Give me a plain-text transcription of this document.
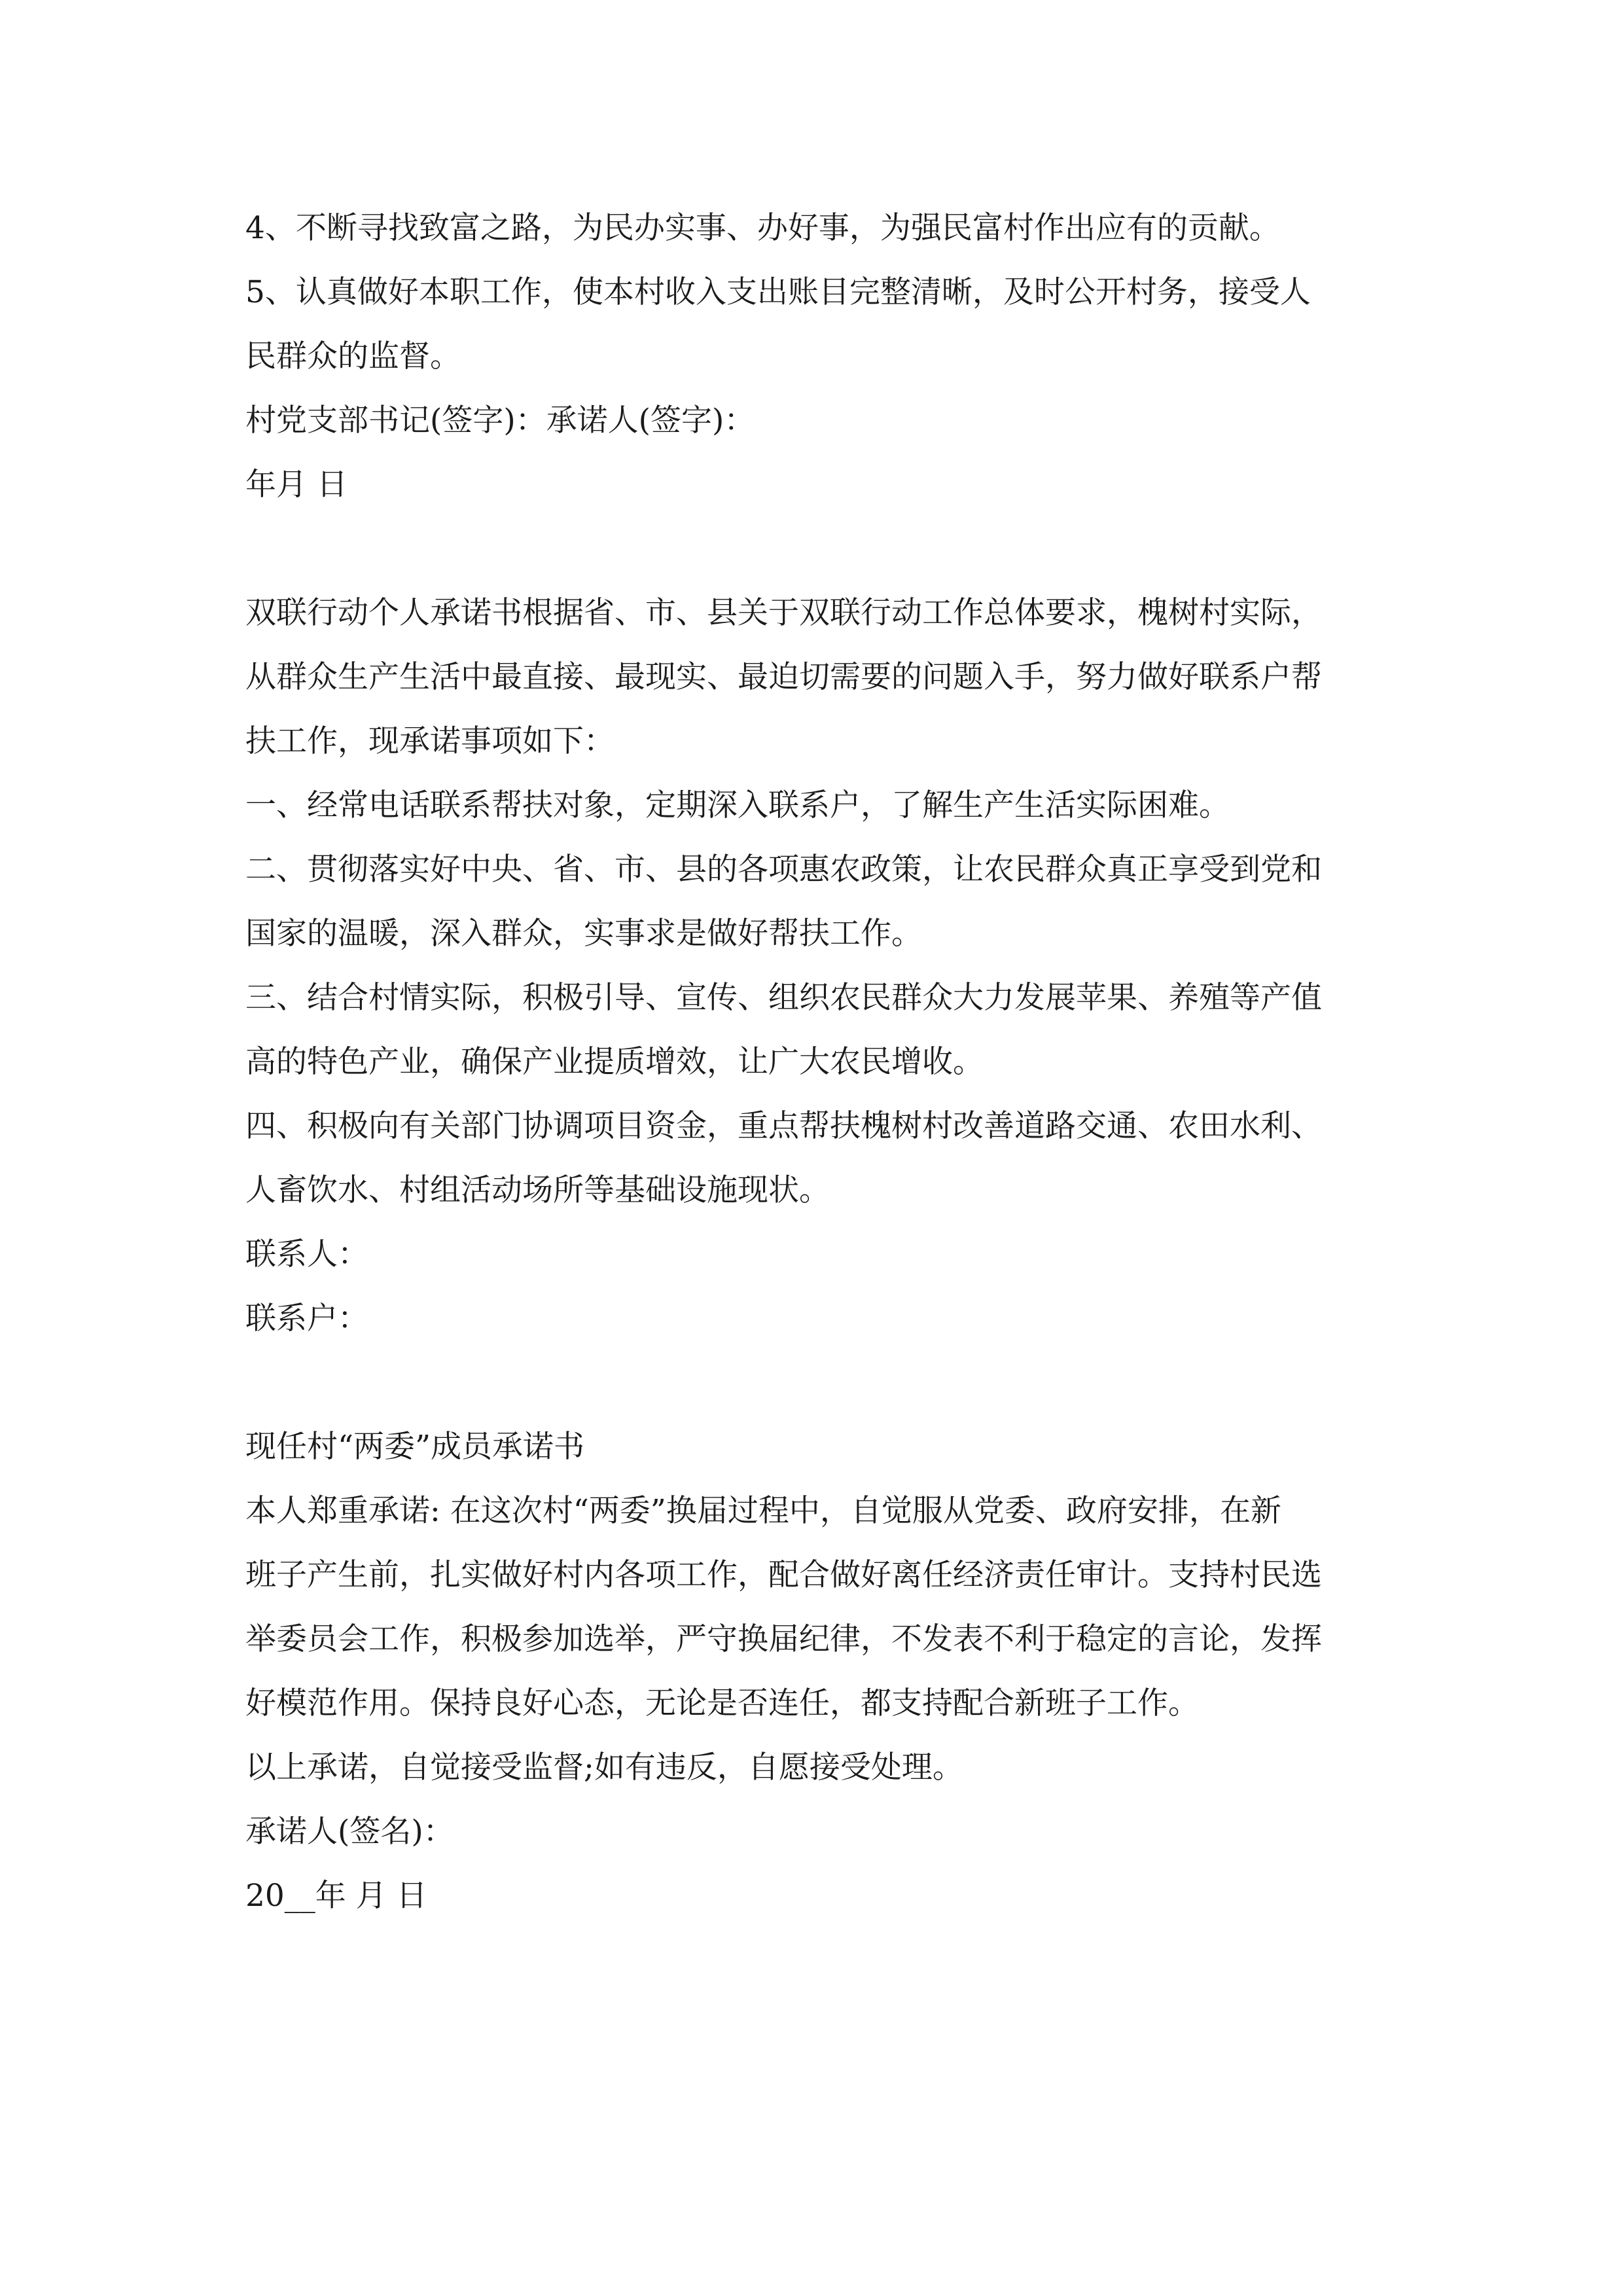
4、不断寻找致富之路，为民办实事、办好事，为强民富村作出应有的贡献。
5、认真做好本职工作，使本村收入支出账目完整清晰，及时公开村务，接受人
民群众的监督。
村党支部书记(签字)：承诺人(签字)：
年月 日
双联行动个人承诺书根据省、市、县关于双联行动工作总体要求，槐树村实际，
从群众生产生活中最直接、最现实、最迫切需要的问题入手，努力做好联系户帮
扶工作，现承诺事项如下：
一、经常电话联系帮扶对象，定期深入联系户，了解生产生活实际困难。
二、贯彻落实好中央、省、市、县的各项惠农政策，让农民群众真正享受到党和
国家的温暖，深入群众，实事求是做好帮扶工作。
三、结合村情实际，积极引导、宣传、组织农民群众大力发展苹果、养殖等产值
高的特色产业，确保产业提质增效，让广大农民增收。
四、积极向有关部门协调项目资金，重点帮扶槐树村改善道路交通、农田水利、
人畜饮水、村组活动场所等基础设施现状。
联系人：
联系户：
现任村“两委”成员承诺书
本人郑重承诺: 在这次村“两委”换届过程中，自觉服从党委、政府安排，在新
班子产生前，扎实做好村内各项工作，配合做好离任经济责任审计。支持村民选
举委员会工作，积极参加选举，严守换届纪律，不发表不利于稳定的言论，发挥
好模范作用。保持良好心态，无论是否连任，都支持配合新班子工作。
以上承诺，自觉接受监督;如有违反，自愿接受处理。
承诺人(签名)：
20__年 月 日
